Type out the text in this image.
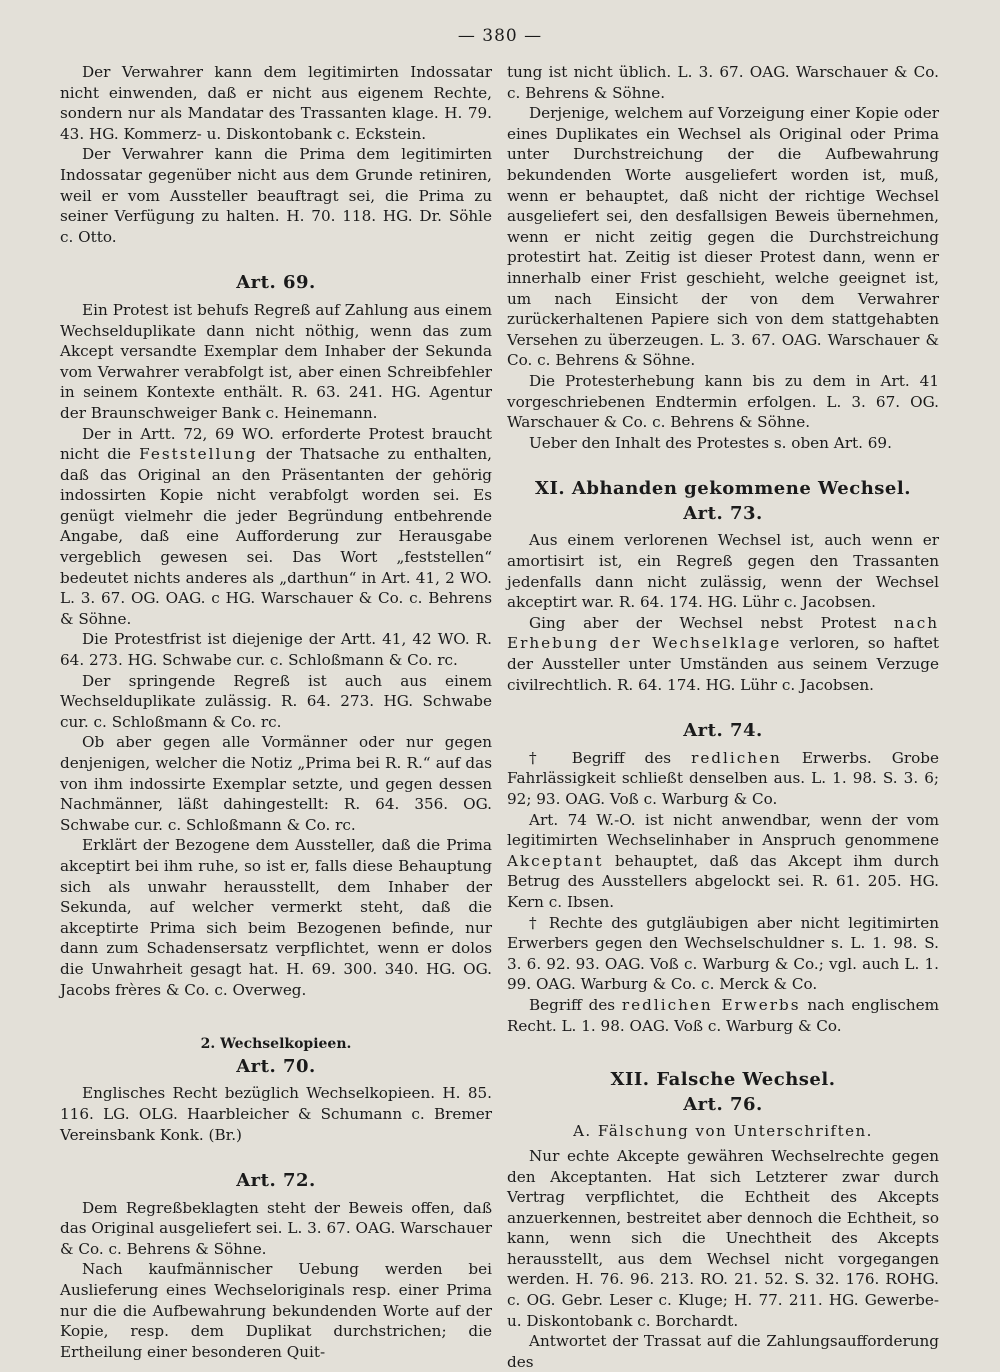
— 380 —

Der Verwahrer kann dem legitimirten Indossatar nicht einwenden, daß er nicht aus eigenem Rechte, sondern nur als Mandatar des Trassanten klage. H. 79. 43. HG. Kommerz- u. Diskontobank c. Eckstein.

Der Verwahrer kann die Prima dem legitimirten Indossatar gegenüber nicht aus dem Grunde retiniren, weil er vom Aussteller beauftragt sei, die Prima zu seiner Verfügung zu halten. H. 70. 118. HG. Dr. Söhle c. Otto.

Art. 69.

Ein Protest ist behufs Regreß auf Zahlung aus einem Wechselduplikate dann nicht nöthig, wenn das zum Akcept versandte Exemplar dem Inhaber der Sekunda vom Verwahrer verabfolgt ist, aber einen Schreibfehler in seinem Kontexte enthält. R. 63. 241. HG. Agentur der Braunschweiger Bank c. Heinemann.

Der in Artt. 72, 69 WO. erforderte Protest braucht nicht die Feststellung der Thatsache zu enthalten, daß das Original an den Präsentanten der gehörig indossirten Kopie nicht verabfolgt worden sei. Es genügt vielmehr die jeder Begründung entbehrende Angabe, daß eine Aufforderung zur Herausgabe vergeblich gewesen sei. Das Wort „feststellen“ bedeutet nichts anderes als „darthun“ in Art. 41, 2 WO. L. 3. 67. OG. OAG. c HG. Warschauer & Co. c. Behrens & Söhne.

Die Protestfrist ist diejenige der Artt. 41, 42 WO. R. 64. 273. HG. Schwabe cur. c. Schloßmann & Co. rc.

Der springende Regreß ist auch aus einem Wechselduplikate zulässig. R. 64. 273. HG. Schwabe cur. c. Schloßmann & Co. rc.

Ob aber gegen alle Vormänner oder nur gegen denjenigen, welcher die Notiz „Prima bei R. R.“ auf das von ihm indossirte Exemplar setzte, und gegen dessen Nachmänner, läßt dahingestellt: R. 64. 356. OG. Schwabe cur. c. Schloßmann & Co. rc.

Erklärt der Bezogene dem Aussteller, daß die Prima akceptirt bei ihm ruhe, so ist er, falls diese Behauptung sich als unwahr herausstellt, dem Inhaber der Sekunda, auf welcher vermerkt steht, daß die akceptirte Prima sich beim Bezogenen befinde, nur dann zum Schadensersatz verpflichtet, wenn er dolos die Unwahrheit gesagt hat. H. 69. 300. 340. HG. OG. Jacobs frères & Co. c. Overweg.

2. Wechselkopieen.
Art. 70.

Englisches Recht bezüglich Wechselkopieen. H. 85. 116. LG. OLG. Haarbleicher & Schumann c. Bremer Vereinsbank Konk. (Br.)

Art. 72.

Dem Regreßbeklagten steht der Beweis offen, daß das Original ausgeliefert sei. L. 3. 67. OAG. Warschauer & Co. c. Behrens & Söhne.

Nach kaufmännischer Uebung werden bei Auslieferung eines Wechseloriginals resp. einer Prima nur die die Aufbewahrung bekundenden Worte auf der Kopie, resp. dem Duplikat durchstrichen; die Ertheilung einer besonderen Quit-

tung ist nicht üblich. L. 3. 67. OAG. Warschauer & Co. c. Behrens & Söhne.

Derjenige, welchem auf Vorzeigung einer Kopie oder eines Duplikates ein Wechsel als Original oder Prima unter Durchstreichung der die Aufbewahrung bekundenden Worte ausgeliefert worden ist, muß, wenn er behauptet, daß nicht der richtige Wechsel ausgeliefert sei, den desfallsigen Beweis übernehmen, wenn er nicht zeitig gegen die Durchstreichung protestirt hat. Zeitig ist dieser Protest dann, wenn er innerhalb einer Frist geschieht, welche geeignet ist, um nach Einsicht der von dem Verwahrer zurückerhaltenen Papiere sich von dem stattgehabten Versehen zu überzeugen. L. 3. 67. OAG. Warschauer & Co. c. Behrens & Söhne.

Die Protesterhebung kann bis zu dem in Art. 41 vorgeschriebenen Endtermin erfolgen. L. 3. 67. OG. Warschauer & Co. c. Behrens & Söhne.

Ueber den Inhalt des Protestes s. oben Art. 69.

XI. Abhanden gekommene Wechsel.
Art. 73.

Aus einem verlorenen Wechsel ist, auch wenn er amortisirt ist, ein Regreß gegen den Trassanten jedenfalls dann nicht zulässig, wenn der Wechsel akceptirt war. R. 64. 174. HG. Lühr c. Jacobsen.

Ging aber der Wechsel nebst Protest nach Erhebung der Wechselklage verloren, so haftet der Aussteller unter Umständen aus seinem Verzuge civilrechtlich. R. 64. 174. HG. Lühr c. Jacobsen.

Art. 74.

† Begriff des redlichen Erwerbs. Grobe Fahrlässigkeit schließt denselben aus. L. 1. 98. S. 3. 6; 92; 93. OAG. Voß c. Warburg & Co.

Art. 74 W.-O. ist nicht anwendbar, wenn der vom legitimirten Wechselinhaber in Anspruch genommene Akceptant behauptet, daß das Akcept ihm durch Betrug des Ausstellers abgelockt sei. R. 61. 205. HG. Kern c. Ibsen.

† Rechte des gutgläubigen aber nicht legitimirten Erwerbers gegen den Wechselschuldner s. L. 1. 98. S. 3. 6. 92. 93. OAG. Voß c. Warburg & Co.; vgl. auch L. 1. 99. OAG. Warburg & Co. c. Merck & Co.

Begriff des redlichen Erwerbs nach englischem Recht. L. 1. 98. OAG. Voß c. Warburg & Co.

XII. Falsche Wechsel.
Art. 76.
A. Fälschung von Unterschriften.

Nur echte Akcepte gewähren Wechselrechte gegen den Akceptanten. Hat sich Letzterer zwar durch Vertrag verpflichtet, die Echtheit des Akcepts anzuerkennen, bestreitet aber dennoch die Echtheit, so kann, wenn sich die Unechtheit des Akcepts herausstellt, aus dem Wechsel nicht vorgegangen werden. H. 76. 96. 213. RO. 21. 52. S. 32. 176. ROHG. c. OG. Gebr. Leser c. Kluge; H. 77. 211. HG. Gewerbe- u. Diskontobank c. Borchardt.

Antwortet der Trassat auf die Zahlungsaufforderung des
